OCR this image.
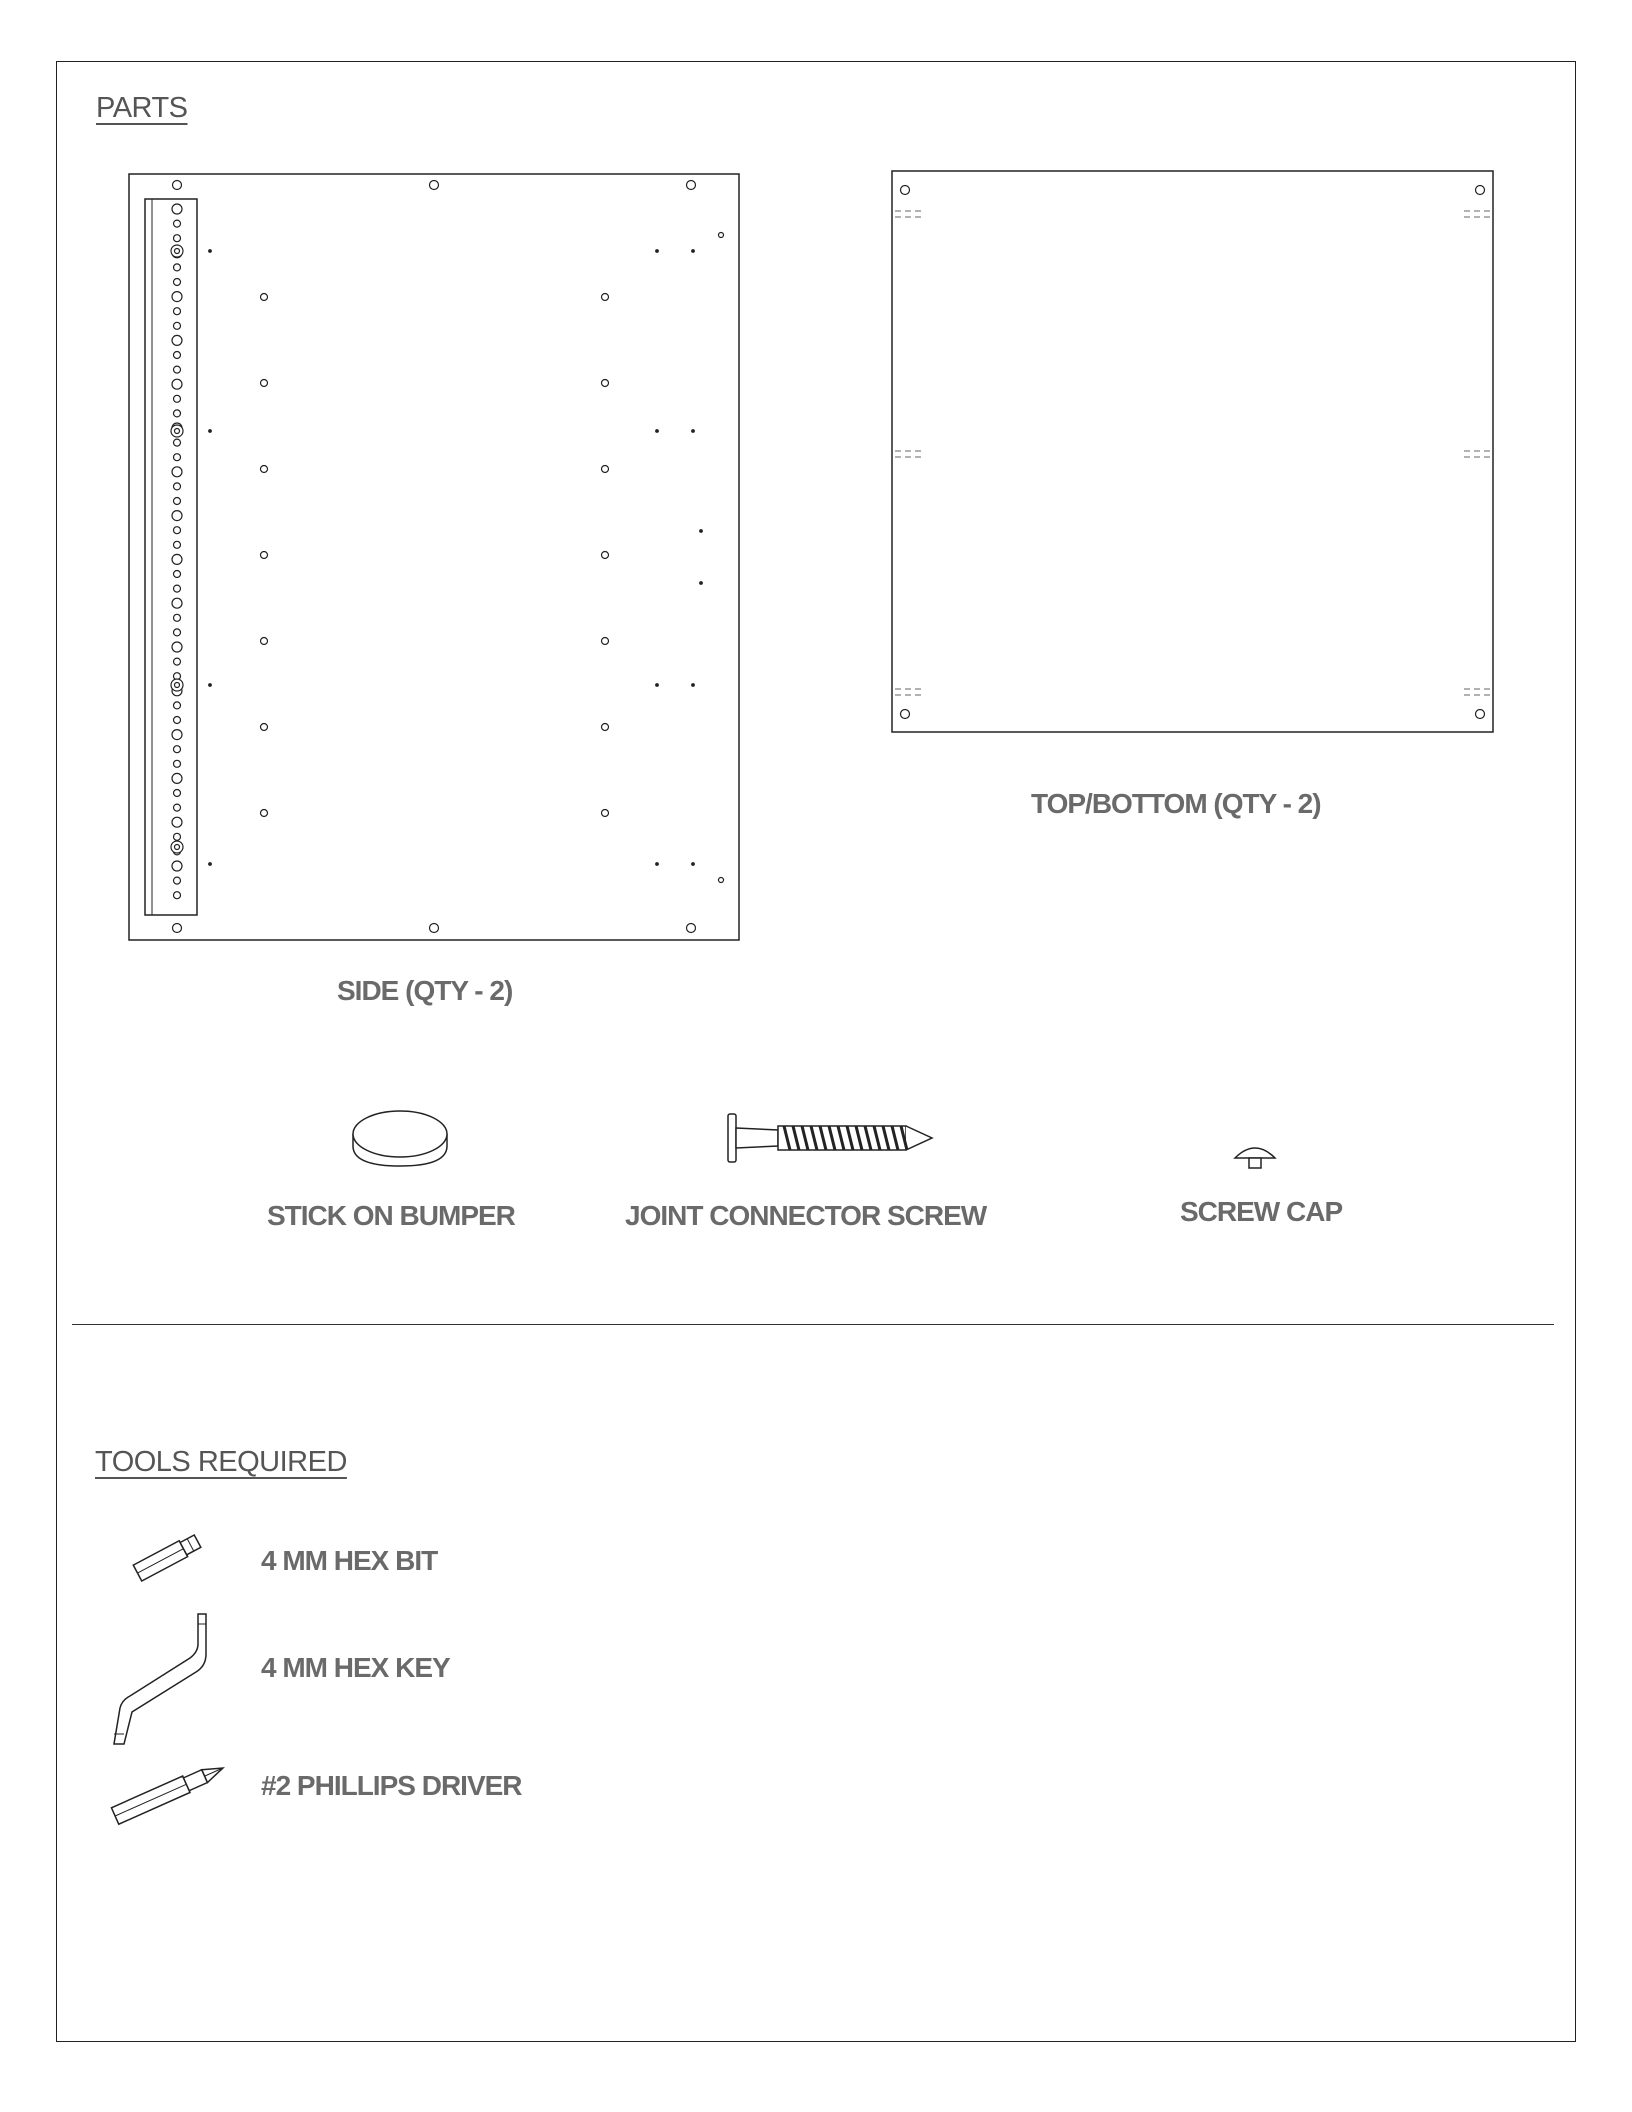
PARTS
SIDE (QTY - 2)
TOP/BOTTOM (QTY - 2)
STICK ON BUMPER	JOINT CONNECTOR SCREW	SCREW CAP
TOOLS REQUIRED
4 MM HEX BIT
4 MM HEX KEY
#2 PHILLIPS DRIVER
